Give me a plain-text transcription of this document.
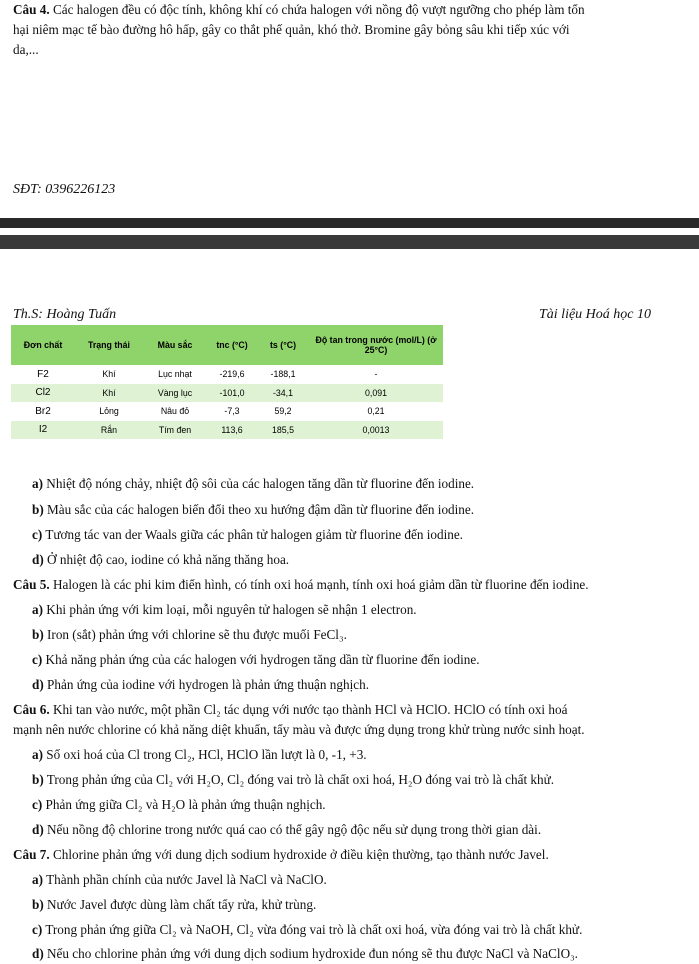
Câu 4. Các halogen đều có độc tính, không khí có chứa halogen với nồng độ vượt ngưỡng cho phép làm tổn
hại niêm mạc tế bào đường hô hấp, gây co thắt phế quản, khó thở. Bromine gây bỏng sâu khi tiếp xúc với
da,...
SĐT: 0396226123
Th.S: Hoàng Tuấn	Tài liệu Hoá học 10
Đơn chất	Trạng thái	Màu sắc	tnc (°C)	ts (°C)	Độ tan trong nước (mol/L) (ở 25°C)
F2	Khí	Lục nhạt	-219,6	-188,1	-
Cl2	Khí	Vàng lục	-101,0	-34,1	0,091
Br2	Lỏng	Nâu đỏ	-7,3	59,2	0,21
I2	Rắn	Tím đen	113,6	185,5	0,0013
a) Nhiệt độ nóng chảy, nhiệt độ sôi của các halogen tăng dần từ fluorine đến iodine.
b) Màu sắc của các halogen biến đổi theo xu hướng đậm dần từ fluorine đến iodine.
c) Tương tác van der Waals giữa các phân tử halogen giảm từ fluorine đến iodine.
d) Ở nhiệt độ cao, iodine có khả năng thăng hoa.
Câu 5. Halogen là các phi kim điển hình, có tính oxi hoá mạnh, tính oxi hoá giảm dần từ fluorine đến iodine.
a) Khi phản ứng với kim loại, mỗi nguyên tử halogen sẽ nhận 1 electron.
b) Iron (sắt) phản ứng với chlorine sẽ thu được muối FeCl₃.
c) Khả năng phản ứng của các halogen với hydrogen tăng dần từ fluorine đến iodine.
d) Phản ứng của iodine với hydrogen là phản ứng thuận nghịch.
Câu 6. Khi tan vào nước, một phần Cl₂ tác dụng với nước tạo thành HCl và HClO. HClO có tính oxi hoá
mạnh nên nước chlorine có khả năng diệt khuẩn, tẩy màu và được ứng dụng trong khử trùng nước sinh hoạt.
a) Số oxi hoá của Cl trong Cl₂, HCl, HClO lần lượt là 0, -1, +3.
b) Trong phản ứng của Cl₂ với H₂O, Cl₂ đóng vai trò là chất oxi hoá, H₂O đóng vai trò là chất khử.
c) Phản ứng giữa Cl₂ và H₂O là phản ứng thuận nghịch.
d) Nếu nồng độ chlorine trong nước quá cao có thể gây ngộ độc nếu sử dụng trong thời gian dài.
Câu 7. Chlorine phản ứng với dung dịch sodium hydroxide ở điều kiện thường, tạo thành nước Javel.
a) Thành phần chính của nước Javel là NaCl và NaClO.
b) Nước Javel được dùng làm chất tẩy rửa, khử trùng.
c) Trong phản ứng giữa Cl₂ và NaOH, Cl₂ vừa đóng vai trò là chất oxi hoá, vừa đóng vai trò là chất khử.
d) Nếu cho chlorine phản ứng với dung dịch sodium hydroxide đun nóng sẽ thu được NaCl và NaClO₃.
